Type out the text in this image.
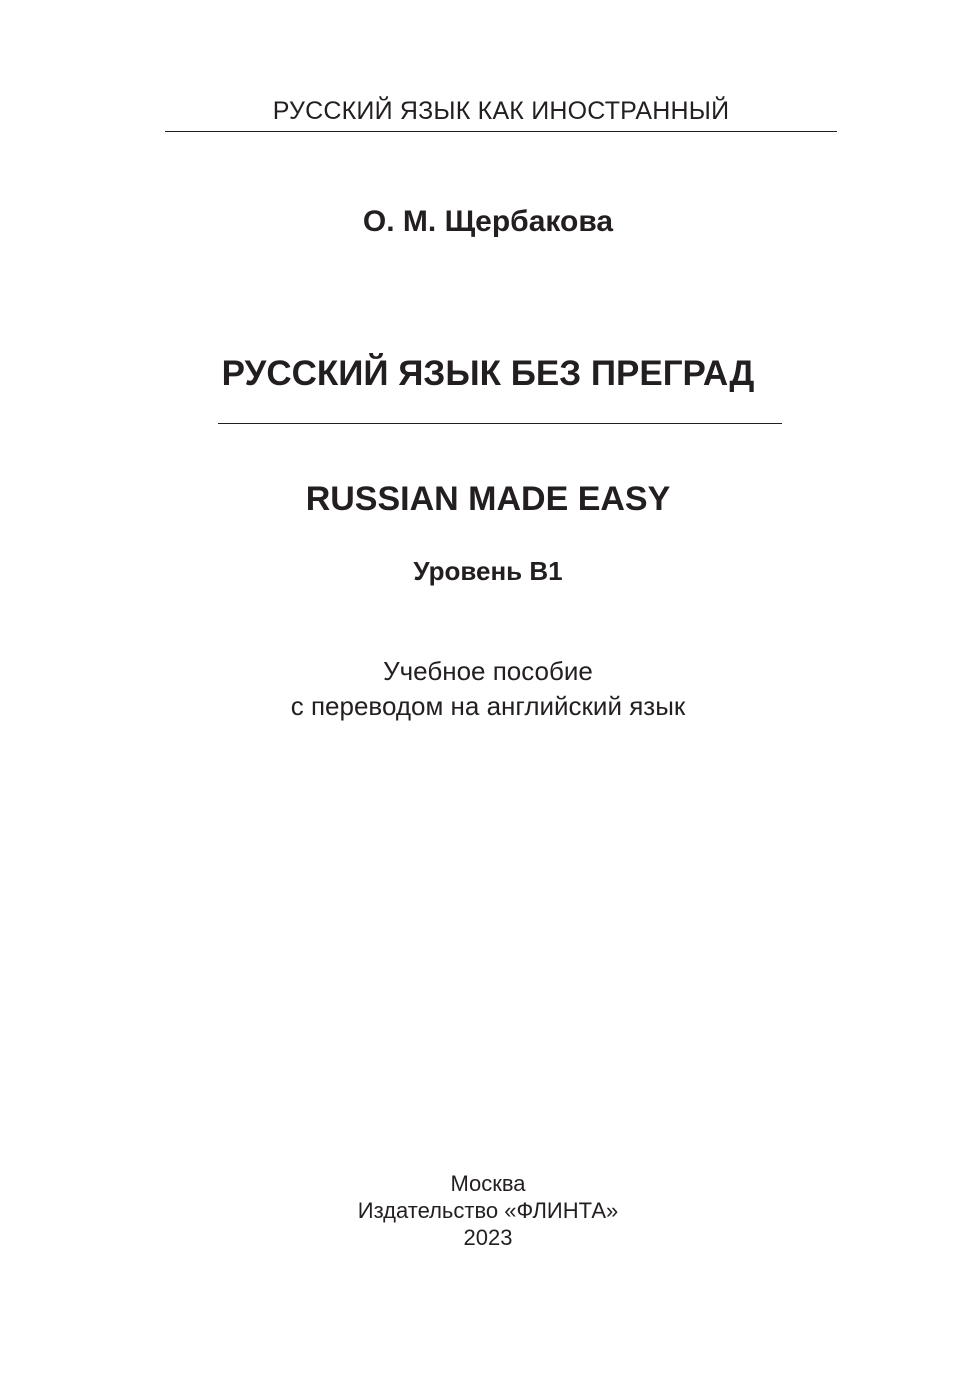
РУССКИЙ ЯЗЫК КАК ИНОСТРАННЫЙ
О. М. Щербакова
РУССКИЙ ЯЗЫК БЕЗ ПРЕГРАД
RUSSIAN MADE EASY
Уровень В1
Учебное пособие
с переводом на английский язык
Москва
Издательство «ФЛИНТА»
2023
